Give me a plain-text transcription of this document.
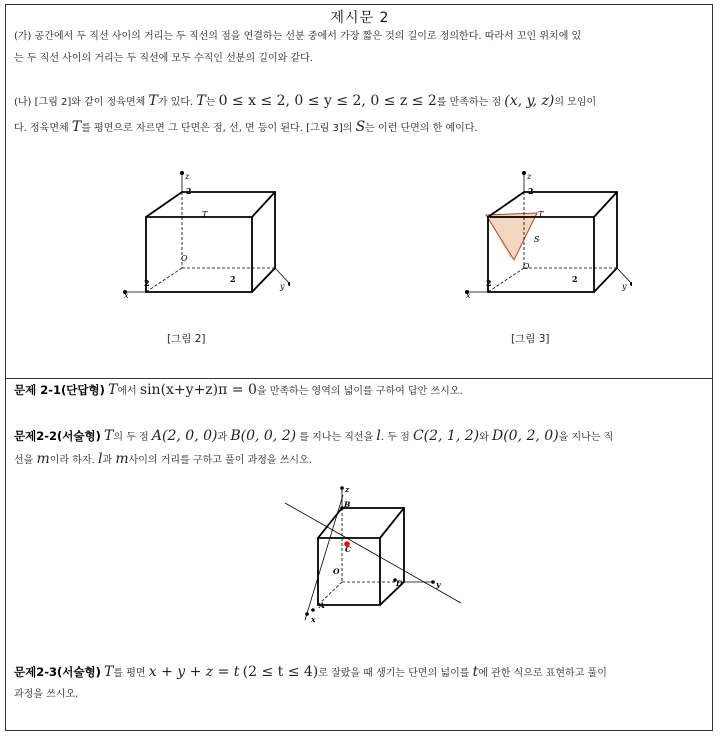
제시문 2
(가) 공간에서 두 직선 사이의 거리는 두 직선의 점을 연결하는 선분 중에서 가장 짧은 것의 길이로 정의한다. 따라서 꼬인 위치에 있
는 두 직선 사이의 거리는 두 직선에 모두 수직인 선분의 길이와 같다.
(나) [그림 2]와 같이 정육면체 T가 있다. T는 0 ≤ x ≤ 2, 0 ≤ y ≤ 2, 0 ≤ z ≤ 2를 만족하는 점 (x, y, z)의 모임이
다. 정육면체 T를 평면으로 자르면 그 단면은 점, 선, 면 등이 된다. [그림 3]의 S는 이런 단면의 한 예이다.
z
2
T
O
2	2
x
y
[그림 2]
z
2
T
S
O
2	2
x
y
[그림 3]
문제 2-1(단답형) T에서 sin(x+y+z)π = 0을 만족하는 영역의 넓이를 구하여 답안 쓰시오.
문제2-2(서술형) T의 두 점 A(2, 0, 0)과 B(0, 0, 2) 를 지나는 직선을 l. 두 점 C(2, 1, 2)와 D(0, 2, 0)을 지나는 직
선을 m이라 하자. l과 m사이의 거리를 구하고 풀이 과정을 쓰시오.
z
B
C
O
D
A
y
x
문제2-3(서술형) T를 평면 x + y + z = t (2 ≤ t ≤ 4)로 잘랐을 때 생기는 단면의 넓이를 t에 관한 식으로 표현하고 풀이
과정을 쓰시오.
